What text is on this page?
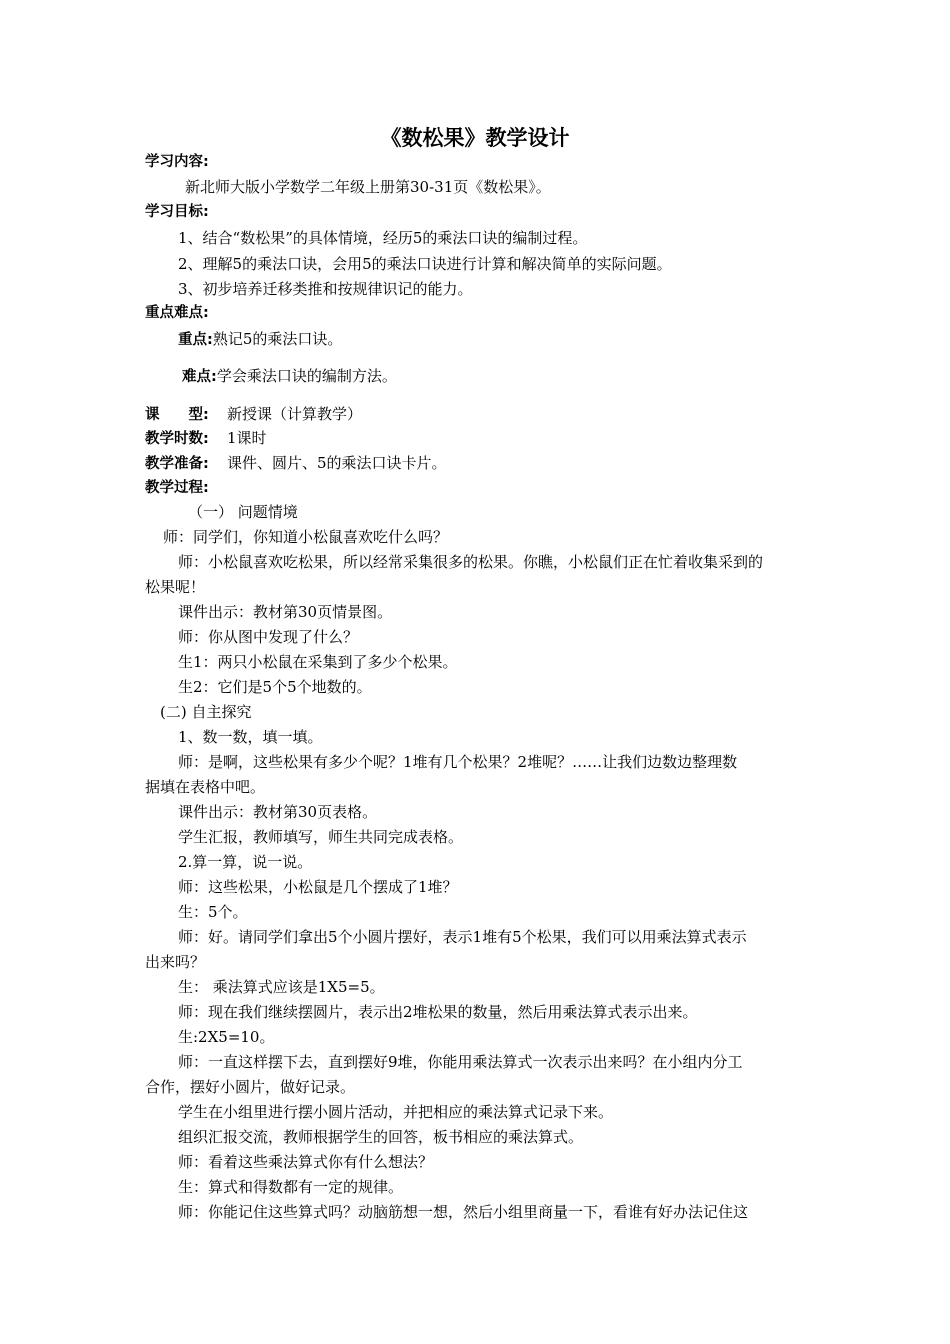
《数松果》教学设计
学习内容:
新北师大版小学数学二年级上册第30-31页《数松果》。
学习目标:
1、结合“数松果”的具体情境，经历5的乘法口诀的编制过程。
2、理解5的乘法口诀，会用5的乘法口诀进行计算和解决简单的实际问题。
3、初步培养迁移类推和按规律识记的能力。
重点难点:
重点:熟记5的乘法口诀。
难点:学会乘法口诀的编制方法。
课　　型: 新授课（计算教学）
教学时数: 1课时
教学准备: 课件、圆片、5的乘法口诀卡片。
教学过程:
（一） 问题情境
师：同学们，你知道小松鼠喜欢吃什么吗？
师：小松鼠喜欢吃松果，所以经常采集很多的松果。你瞧，小松鼠们正在忙着收集采到的
松果呢！
课件出示：教材第30页情景图。
师：你从图中发现了什么？
生1：两只小松鼠在采集到了多少个松果。
生2：它们是5个5个地数的。
(二) 自主探究
1、数一数，填一填。
师：是啊，这些松果有多少个呢？1堆有几个松果？2堆呢？……让我们边数边整理数
据填在表格中吧。
课件出示：教材第30页表格。
学生汇报，教师填写，师生共同完成表格。
2.算一算，说一说。
师：这些松果，小松鼠是几个摆成了1堆？
生：5个。
师：好。请同学们拿出5个小圆片摆好，表示1堆有5个松果，我们可以用乘法算式表示
出来吗？
生： 乘法算式应该是1X5=5。
师：现在我们继续摆圆片，表示出2堆松果的数量，然后用乘法算式表示出来。
生:2X5=10。
师：一直这样摆下去，直到摆好9堆，你能用乘法算式一次表示出来吗？在小组内分工
合作，摆好小圆片，做好记录。
学生在小组里进行摆小圆片活动，并把相应的乘法算式记录下来。
组织汇报交流，教师根据学生的回答，板书相应的乘法算式。
师：看着这些乘法算式你有什么想法？
生：算式和得数都有一定的规律。
师：你能记住这些算式吗？动脑筋想一想，然后小组里商量一下，看谁有好办法记住这
